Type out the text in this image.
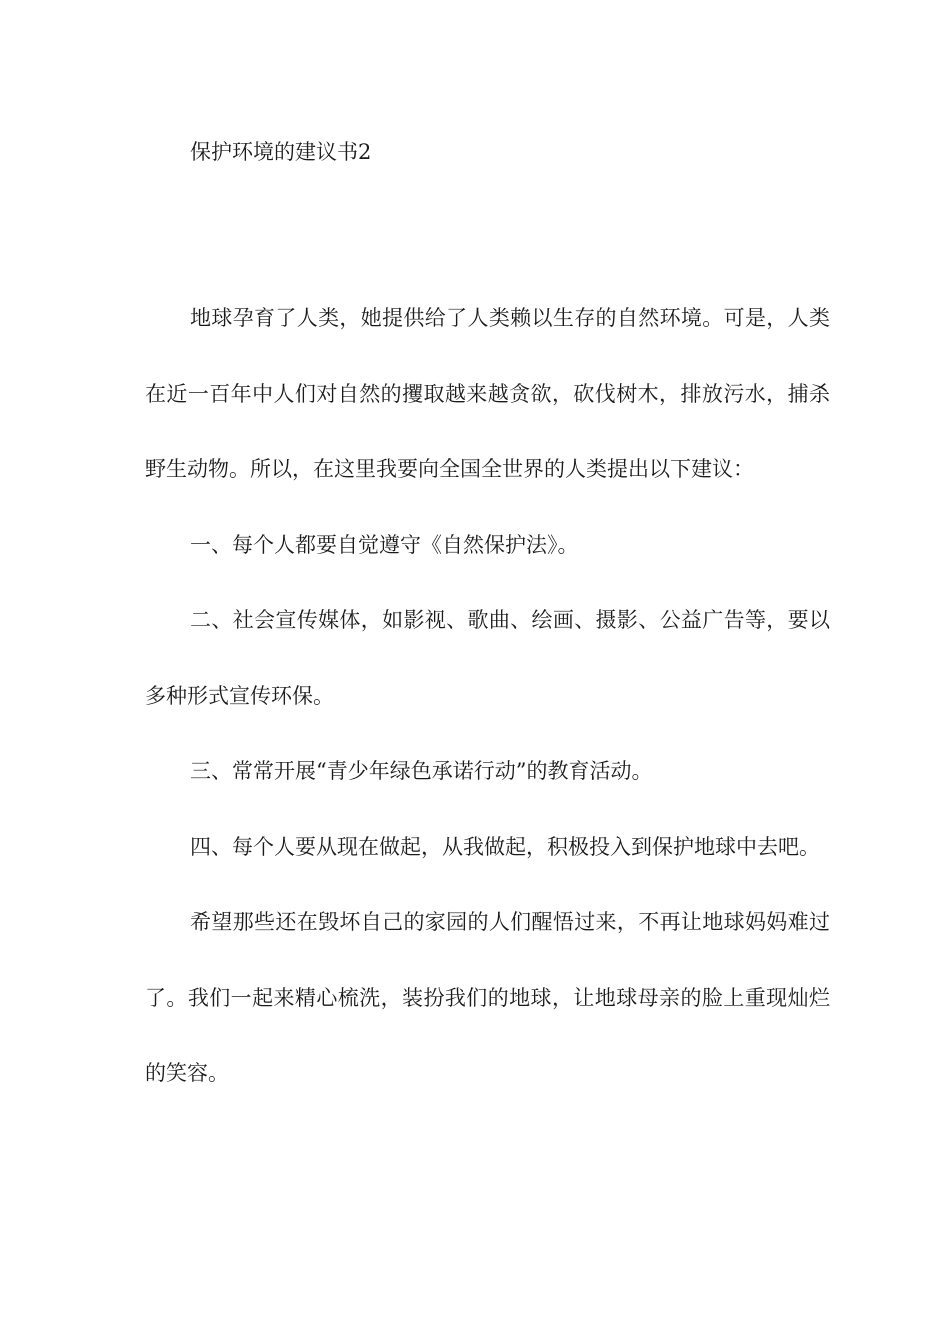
保护环境的建议书2

地球孕育了人类，她提供给了人类赖以生存的自然环境。可是，人类在近一百年中人们对自然的攫取越来越贪欲，砍伐树木，排放污水，捕杀野生动物。所以，在这里我要向全国全世界的人类提出以下建议：

一、每个人都要自觉遵守《自然保护法》。

二、社会宣传媒体，如影视、歌曲、绘画、摄影、公益广告等，要以多种形式宣传环保。

三、常常开展“青少年绿色承诺行动”的教育活动。

四、每个人要从现在做起，从我做起，积极投入到保护地球中去吧。

希望那些还在毁坏自己的家园的人们醒悟过来，不再让地球妈妈难过了。我们一起来精心梳洗，装扮我们的地球，让地球母亲的脸上重现灿烂的笑容。
